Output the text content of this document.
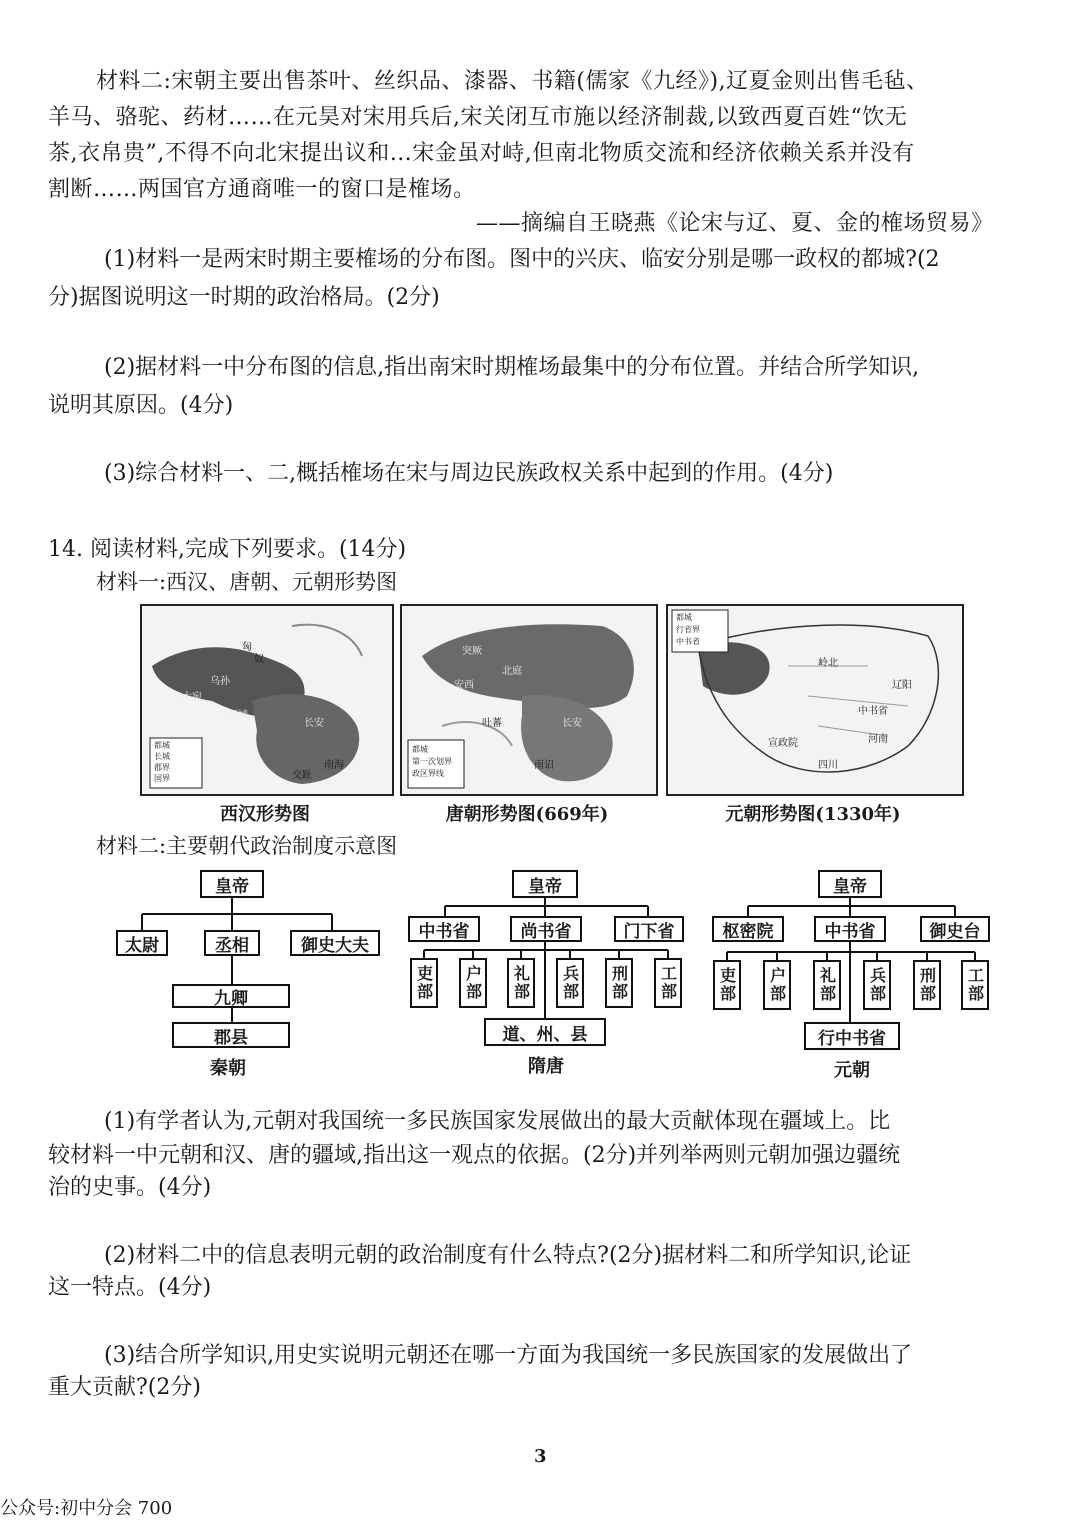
材料二:宋朝主要出售茶叶、丝织品、漆器、书籍(儒家《九经》),辽夏金则出售毛毡、
羊马、骆驼、药材……在元昊对宋用兵后,宋关闭互市施以经济制裁,以致西夏百姓“饮无
茶,衣帛贵”,不得不向北宋提出议和…宋金虽对峙,但南北物质交流和经济依赖关系并没有
割断……两国官方通商唯一的窗口是榷场。
——摘编自王晓燕《论宋与辽、夏、金的榷场贸易》
(1)材料一是两宋时期主要榷场的分布图。图中的兴庆、临安分别是哪一政权的都城?(2
分)据图说明这一时期的政治格局。(2分)
(2)据材料一中分布图的信息,指出南宋时期榷场最集中的分布位置。并结合所学知识,
说明其原因。(4分)
(3)综合材料一、二,概括榷场在宋与周边民族政权关系中起到的作用。(4分)
14. 阅读材料,完成下列要求。(14分)
材料一:西汉、唐朝、元朝形势图
匈
奴
乌孙
大宛
长安
南海
交趾
西域
都城
长城
郡界
国界
西汉形势图
突厥
安西
北庭
长安
吐蕃
南诏
都城
第一次划界
政区界线
唐朝形势图(669年)
岭北
辽阳
中书省
河南
宣政院
四川
都城
行省界
中书省
元朝形势图(1330年)
材料二:主要朝代政治制度示意图
皇帝
太尉	丞相	御史大夫
九卿
郡县
秦朝
皇帝
中书省	尚书省	门下省
吏部 户部 礼部 兵部 刑部 工部
道、州、县
隋唐
皇帝
枢密院	中书省	御史台
吏部 户部 礼部 兵部 刑部 工部
行中书省
元朝
(1)有学者认为,元朝对我国统一多民族国家发展做出的最大贡献体现在疆域上。比
较材料一中元朝和汉、唐的疆域,指出这一观点的依据。(2分)并列举两则元朝加强边疆统
治的史事。(4分)
(2)材料二中的信息表明元朝的政治制度有什么特点?(2分)据材料二和所学知识,论证
这一特点。(4分)
(3)结合所学知识,用史实说明元朝还在哪一方面为我国统一多民族国家的发展做出了
重大贡献?(2分)
3
公众号:初中分会 700
